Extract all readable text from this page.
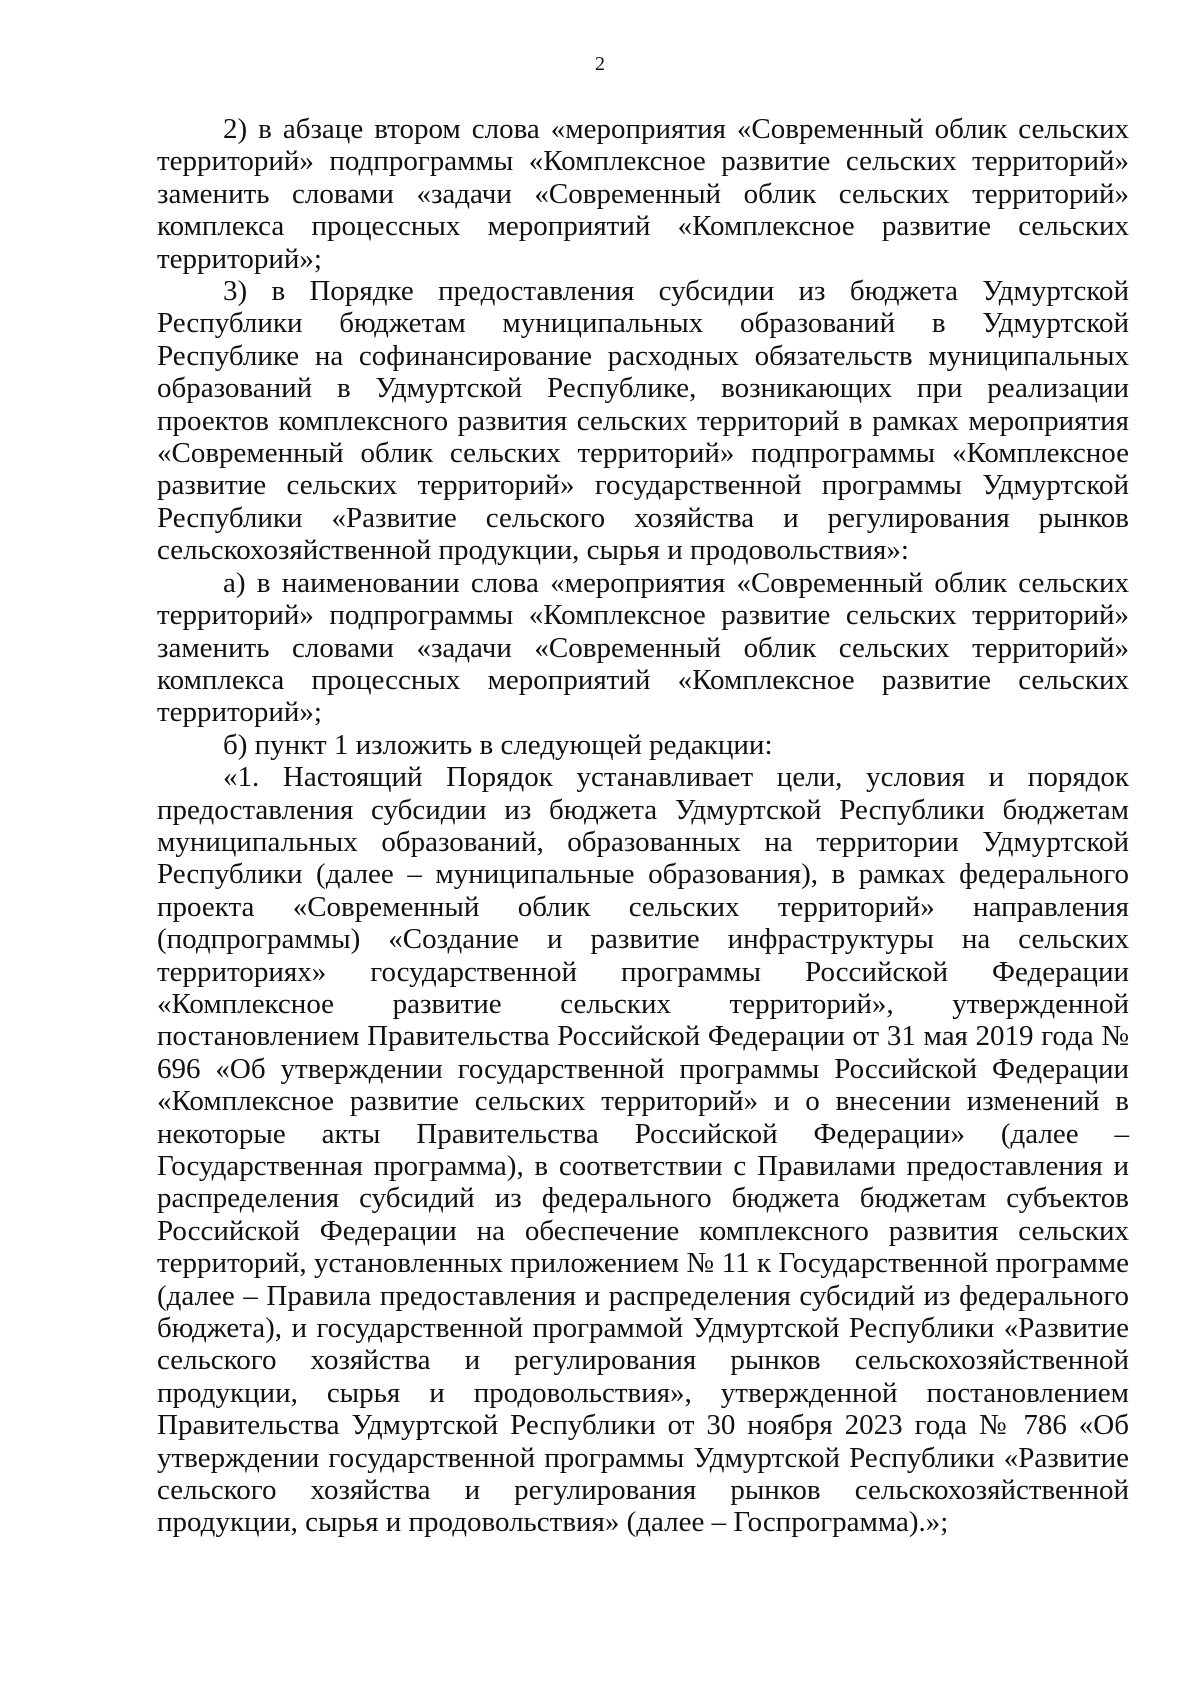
2

2) в абзаце втором слова «мероприятия «Современный облик сельских территорий» подпрограммы «Комплексное развитие сельских территорий» заменить словами «задачи «Современный облик сельских территорий» комплекса процессных мероприятий «Комплексное развитие сельских территорий»;

3) в Порядке предоставления субсидии из бюджета Удмуртской Республики бюджетам муниципальных образований в Удмуртской Республике на софинансирование расходных обязательств муниципальных образований в Удмуртской Республике, возникающих при реализации проектов комплексного развития сельских территорий в рамках мероприятия «Современный облик сельских территорий» подпрограммы «Комплексное развитие сельских территорий» государственной программы Удмуртской Республики «Развитие сельского хозяйства и регулирования рынков сельскохозяйственной продукции, сырья и продовольствия»:

а) в наименовании слова «мероприятия «Современный облик сельских территорий» подпрограммы «Комплексное развитие сельских территорий» заменить словами «задачи «Современный облик сельских территорий» комплекса процессных мероприятий «Комплексное развитие сельских территорий»;

б) пункт 1 изложить в следующей редакции:

«1. Настоящий Порядок устанавливает цели, условия и порядок предоставления субсидии из бюджета Удмуртской Республики бюджетам муниципальных образований, образованных на территории Удмуртской Республики (далее – муниципальные образования), в рамках федерального проекта «Современный облик сельских территорий» направления (подпрограммы) «Создание и развитие инфраструктуры на сельских территориях» государственной программы Российской Федерации «Комплексное развитие сельских территорий», утвержденной постановлением Правительства Российской Федерации от 31 мая 2019 года № 696 «Об утверждении государственной программы Российской Федерации «Комплексное развитие сельских территорий» и о внесении изменений в некоторые акты Правительства Российской Федерации» (далее – Государственная программа), в соответствии с Правилами предоставления и распределения субсидий из федерального бюджета бюджетам субъектов Российской Федерации на обеспечение комплексного развития сельских территорий, установленных приложением № 11 к Государственной программе (далее – Правила предоставления и распределения субсидий из федерального бюджета), и государственной программой Удмуртской Республики «Развитие сельского хозяйства и регулирования рынков сельскохозяйственной продукции, сырья и продовольствия», утвержденной постановлением Правительства Удмуртской Республики от 30 ноября 2023 года № 786 «Об утверждении государственной программы Удмуртской Республики «Развитие сельского хозяйства и регулирования рынков сельскохозяйственной продукции, сырья и продовольствия» (далее – Госпрограмма).»;
